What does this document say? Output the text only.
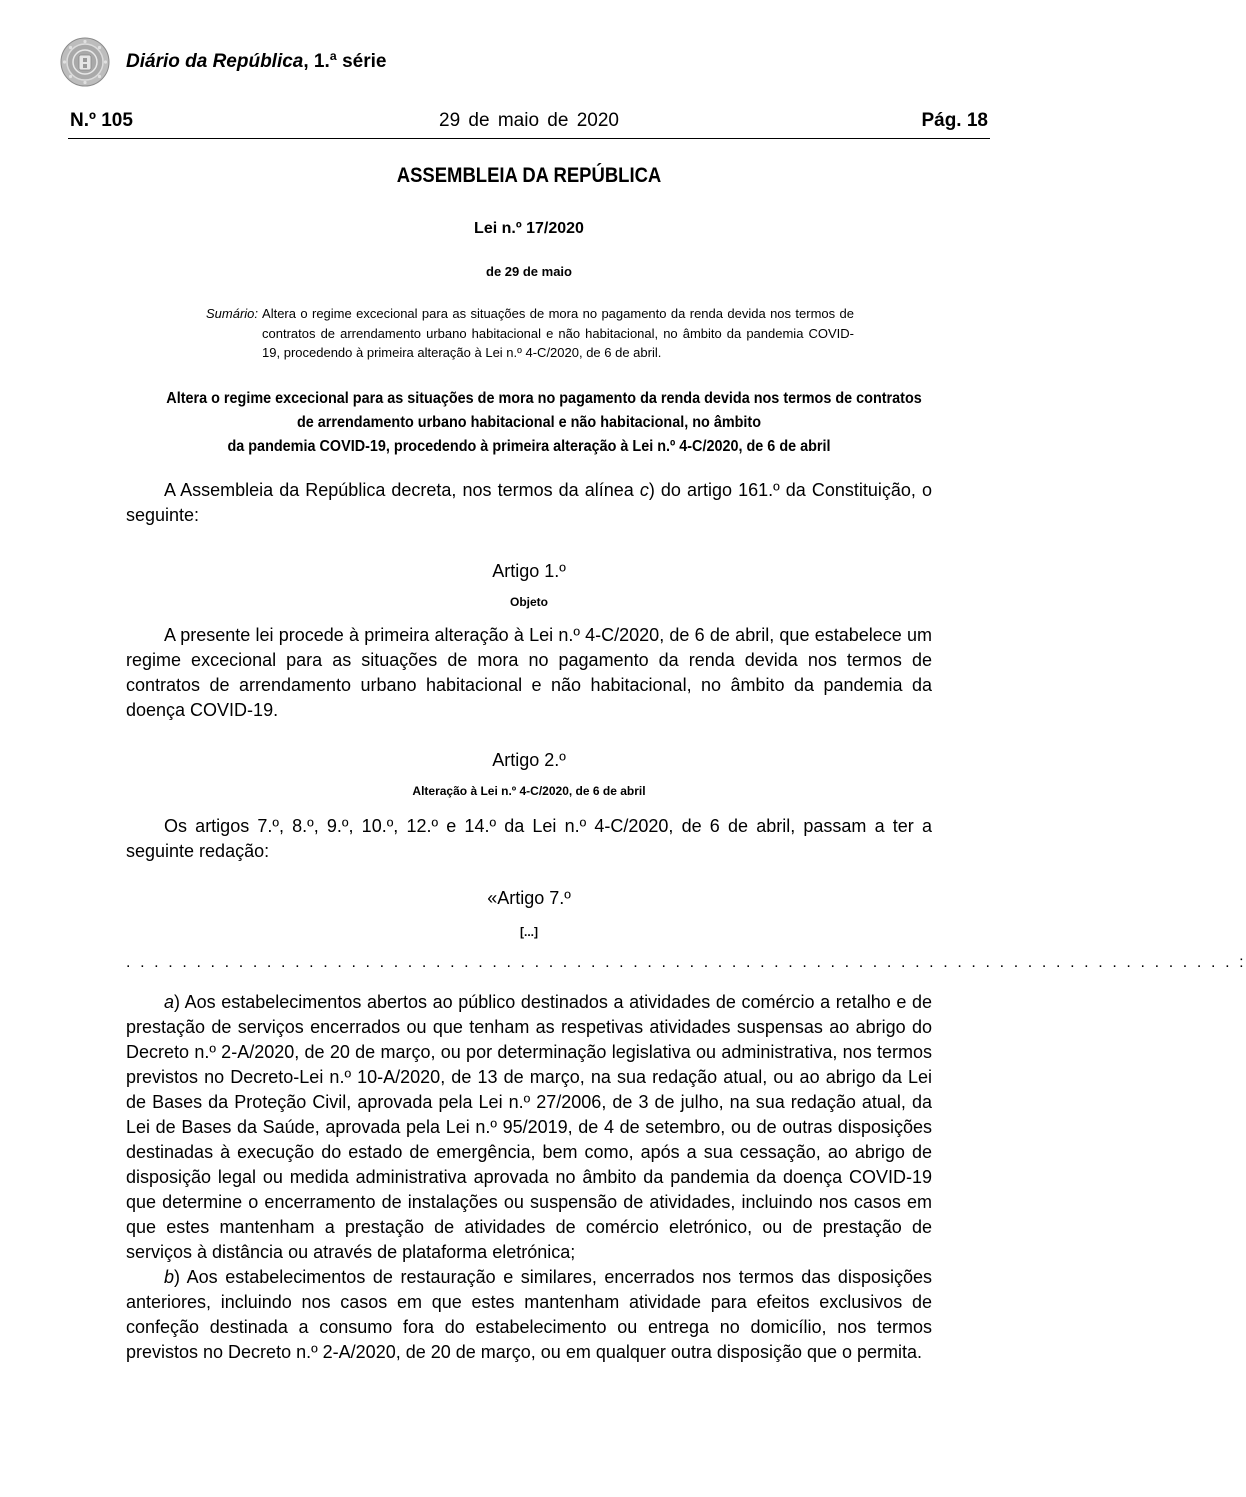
Diário da República, 1.ª série
N.º 105	29 de maio de 2020	Pág. 18
ASSEMBLEIA DA REPÚBLICA
Lei n.º 17/2020
de 29 de maio
Sumário: Altera o regime excecional para as situações de mora no pagamento da renda devida nos termos de contratos de arrendamento urbano habitacional e não habitacional, no âmbito da pandemia COVID-19, procedendo à primeira alteração à Lei n.º 4-C/2020, de 6 de abril.
Altera o regime excecional para as situações de mora no pagamento da renda devida nos termos de contratos
de arrendamento urbano habitacional e não habitacional, no âmbito
da pandemia COVID-19, procedendo à primeira alteração à Lei n.º 4-C/2020, de 6 de abril

A Assembleia da República decreta, nos termos da alínea c) do artigo 161.º da Constituição, o seguinte:

Artigo 1.º
Objeto

A presente lei procede à primeira alteração à Lei n.º 4-C/2020, de 6 de abril, que estabelece um regime excecional para as situações de mora no pagamento da renda devida nos termos de contratos de arrendamento urbano habitacional e não habitacional, no âmbito da pandemia da doença COVID-19.

Artigo 2.º
Alteração à Lei n.º 4-C/2020, de 6 de abril

Os artigos 7.º, 8.º, 9.º, 10.º, 12.º e 14.º da Lei n.º 4-C/2020, de 6 de abril, passam a ter a seguinte redação:

«Artigo 7.º
[...]
. . . . . . . . . . . . . . . . . . . . . . . . . . . . . . . . . . . . . . . . . . . . . . . . . . . . . . . . . . . . . . . . . . . . . . . . . . . . . . . :

a) Aos estabelecimentos abertos ao público destinados a atividades de comércio a retalho e de prestação de serviços encerrados ou que tenham as respetivas atividades suspensas ao abrigo do Decreto n.º 2-A/2020, de 20 de março, ou por determinação legislativa ou administrativa, nos termos previstos no Decreto-Lei n.º 10-A/2020, de 13 de março, na sua redação atual, ou ao abrigo da Lei de Bases da Proteção Civil, aprovada pela Lei n.º 27/2006, de 3 de julho, na sua redação atual, da Lei de Bases da Saúde, aprovada pela Lei n.º 95/2019, de 4 de setembro, ou de outras disposições destinadas à execução do estado de emergência, bem como, após a sua cessação, ao abrigo de disposição legal ou medida administrativa aprovada no âmbito da pandemia da doença COVID-19 que determine o encerramento de instalações ou suspensão de atividades, incluindo nos casos em que estes mantenham a prestação de atividades de comércio eletrónico, ou de prestação de serviços à distância ou através de plataforma eletrónica;

b) Aos estabelecimentos de restauração e similares, encerrados nos termos das disposições anteriores, incluindo nos casos em que estes mantenham atividade para efeitos exclusivos de confeção destinada a consumo fora do estabelecimento ou entrega no domicílio, nos termos previstos no Decreto n.º 2-A/2020, de 20 de março, ou em qualquer outra disposição que o permita.
